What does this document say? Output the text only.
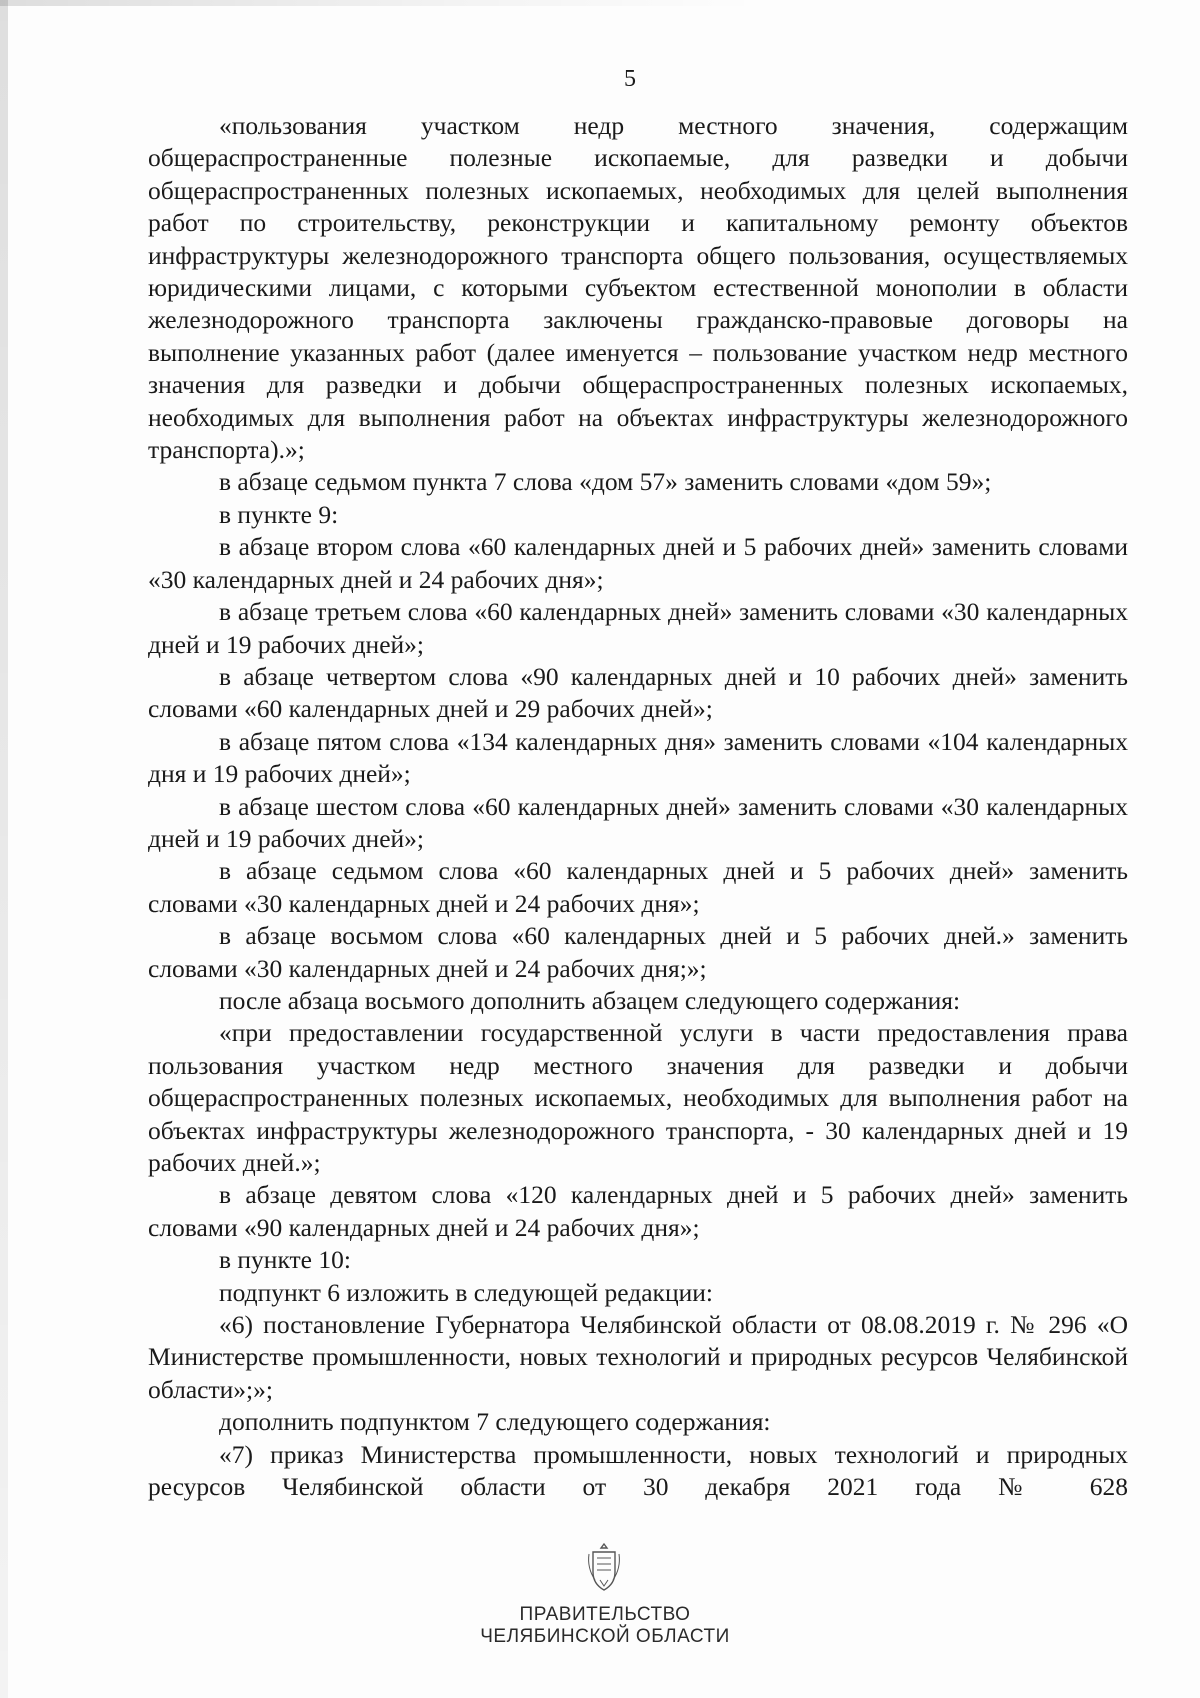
5

«пользования участком недр местного значения, содержащим общераспространенные полезные ископаемые, для разведки и добычи общераспространенных полезных ископаемых, необходимых для целей выполнения работ по строительству, реконструкции и капитальному ремонту объектов инфраструктуры железнодорожного транспорта общего пользования, осуществляемых юридическими лицами, с которыми субъектом естественной монополии в области железнодорожного транспорта заключены гражданско-правовые договоры на выполнение указанных работ (далее именуется – пользование участком недр местного значения для разведки и добычи общераспространенных полезных ископаемых, необходимых для выполнения работ на объектах инфраструктуры железнодорожного транспорта).»;

в абзаце седьмом пункта 7 слова «дом 57» заменить словами «дом 59»;

в пункте 9:

в абзаце втором слова «60 календарных дней и 5 рабочих дней» заменить словами «30 календарных дней и 24 рабочих дня»;

в абзаце третьем слова «60 календарных дней» заменить словами «30 календарных дней и 19 рабочих дней»;

в абзаце четвертом слова «90 календарных дней и 10 рабочих дней» заменить словами «60 календарных дней и 29 рабочих дней»;

в абзаце пятом слова «134 календарных дня» заменить словами «104 календарных дня и 19 рабочих дней»;

в абзаце шестом слова «60 календарных дней» заменить словами «30 календарных дней и 19 рабочих дней»;

в абзаце седьмом слова «60 календарных дней и 5 рабочих дней» заменить словами «30 календарных дней и 24 рабочих дня»;

в абзаце восьмом слова «60 календарных дней и 5 рабочих дней.» заменить словами «30 календарных дней и 24 рабочих дня;»;

после абзаца восьмого дополнить абзацем следующего содержания:

«при предоставлении государственной услуги в части предоставления права пользования участком недр местного значения для разведки и добычи общераспространенных полезных ископаемых, необходимых для выполнения работ на объектах инфраструктуры железнодорожного транспорта, - 30 календарных дней и 19 рабочих дней.»;

в абзаце девятом слова «120 календарных дней и 5 рабочих дней» заменить словами «90 календарных дней и 24 рабочих дня»;

в пункте 10:

подпункт 6 изложить в следующей редакции:

«6) постановление Губернатора Челябинской области от 08.08.2019 г. № 296 «О Министерстве промышленности, новых технологий и природных ресурсов Челябинской области»;»;

дополнить подпунктом 7 следующего содержания:

«7) приказ Министерства промышленности, новых технологий и природных ресурсов Челябинской области от 30 декабря 2021 года № 628

ПРАВИТЕЛЬСТВО
ЧЕЛЯБИНСКОЙ ОБЛАСТИ
